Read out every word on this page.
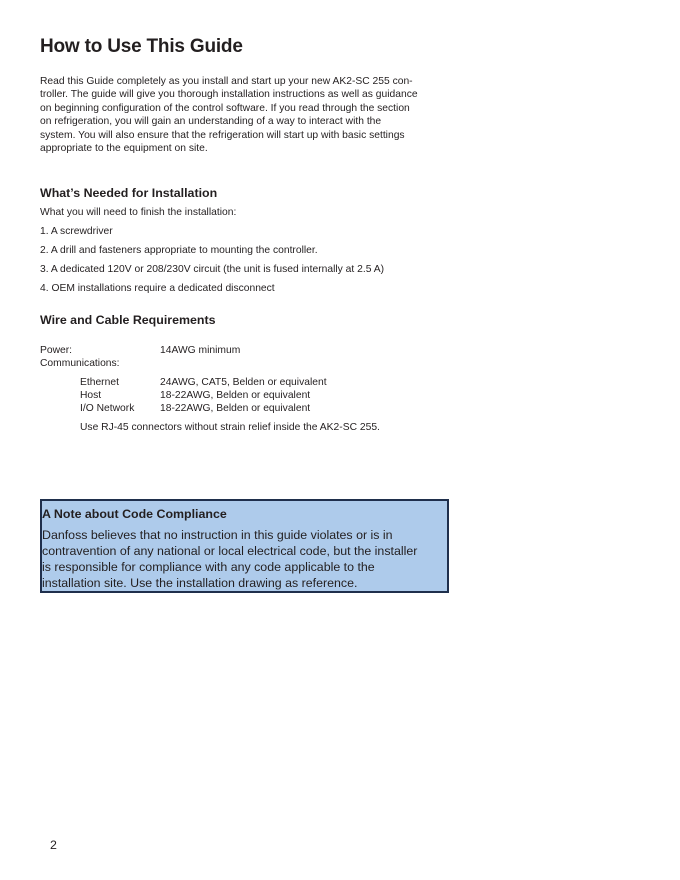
How to Use This Guide
Read this Guide completely as you install and start up your new AK2-SC 255 con-
troller. The guide will give you thorough installation instructions as well as guidance
on beginning configuration of the control software. If you read through the section
on refrigeration, you will gain an understanding of a way to interact with the
system. You will also ensure that the refrigeration will start up with basic settings
appropriate to the equipment on site.
What’s Needed for Installation
What you will need to finish the installation:
1. A screwdriver
2. A drill and fasteners appropriate to mounting the controller.
3. A dedicated 120V or 208/230V circuit (the unit is fused internally at 2.5 A)
4. OEM installations require a dedicated disconnect
Wire and Cable Requirements
Power:	14AWG minimum
Communications:
Ethernet	24AWG, CAT5, Belden or equivalent
Host	18-22AWG, Belden or equivalent
I/O Network 18-22AWG, Belden or equivalent
Use RJ-45 connectors without strain relief inside the AK2-SC 255.
A Note about Code Compliance
Danfoss believes that no instruction in this guide violates or is in
contravention of any national or local electrical code, but the installer
is responsible for compliance with any code applicable to the
installation site. Use the installation drawing as reference.
2
